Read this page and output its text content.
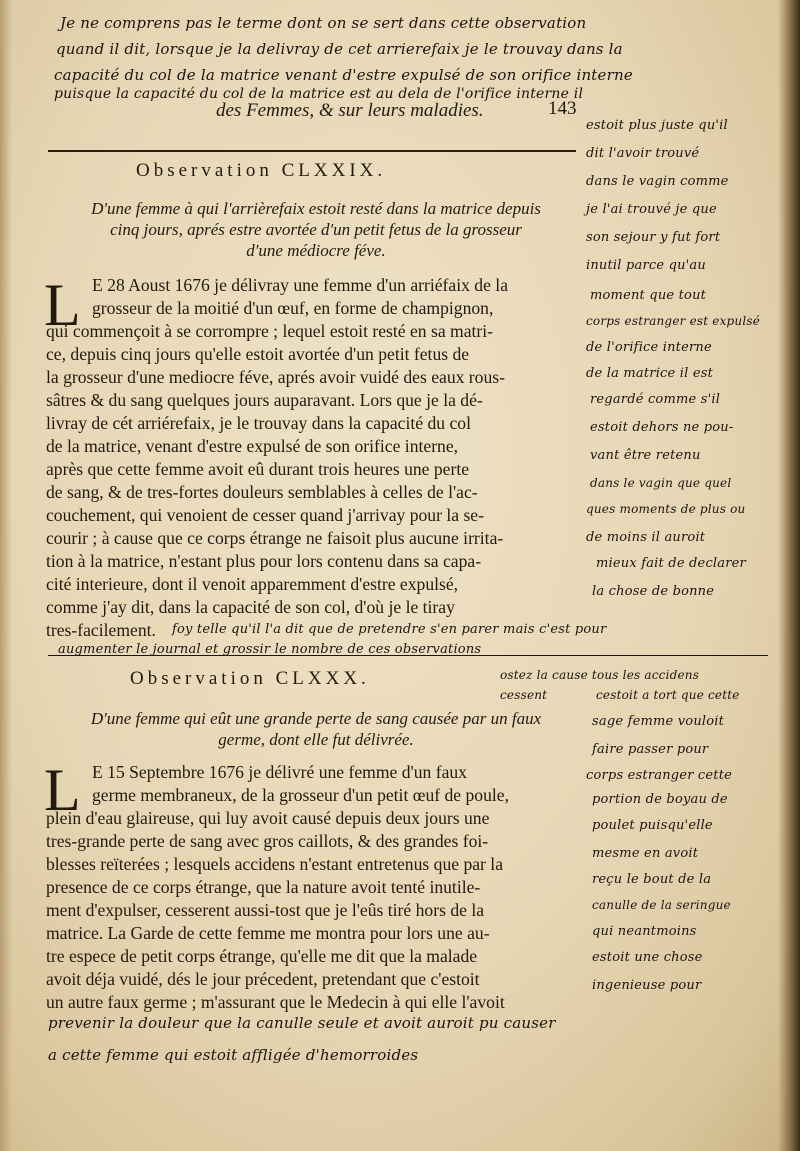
Je ne comprens pas le terme dont on se sert dans cette observation
quand il dit, lorsque je la delivray de cet arrierefaix je le trouvay dans la
capacité du col de la matrice venant d'estre expulsé de son orifice interne
puisque la capacité du col de la matrice est au dela de l'orifice interne il
des Femmes, & sur leurs maladies.	143
Observation CLXXIX.
D'une femme à qui l'arrièrefaix estoit resté dans la matrice depuis
cinq jours, aprés estre avortée d'un petit fetus de la grosseur
d'une médiocre féve.
L E 28 Aoust 1676 je délivray une femme d'un arriéfaix de la
grosseur de la moitié d'un œuf, en forme de champignon,
qui commençoit à se corrompre ; lequel estoit resté en sa matri-
ce, depuis cinq jours qu'elle estoit avortée d'un petit fetus de
la grosseur d'une mediocre féve, aprés avoir vuidé des eaux rous-
sâtres & du sang quelques jours auparavant. Lors que je la dé-
livray de cét arriérefaix, je le trouvay dans la capacité du col
de la matrice, venant d'estre expulsé de son orifice interne,
après que cette femme avoit eû durant trois heures une perte
de sang, & de tres-fortes douleurs semblables à celles de l'ac-
couchement, qui venoient de cesser quand j'arrivay pour la se-
courir ; à cause que ce corps étrange ne faisoit plus aucune irrita-
tion à la matrice, n'estant plus pour lors contenu dans sa capa-
cité interieure, dont il venoit apparemment d'estre expulsé,
comme j'ay dit, dans la capacité de son col, d'où je le tiray
tres-facilement. foy telle qu'il l'a dit que de pretendre s'en parer mais c'est pour
augmenter le journal et grossir le nombre de ces observations
Observation CLXXX.
D'une femme qui eût une grande perte de sang causée par un faux
germe, dont elle fut délivrée.
L E 15 Septembre 1676 je délivré une femme d'un faux
germe membraneux, de la grosseur d'un petit œuf de poule,
plein d'eau glaireuse, qui luy avoit causé depuis deux jours une
tres-grande perte de sang avec gros caillots, & des grandes foi-
blesses reïterées ; lesquels accidens n'estant entretenus que par la
presence de ce corps étrange, que la nature avoit tenté inutile-
ment d'expulser, cesserent aussi-tost que je l'eûs tiré hors de la
matrice. La Garde de cette femme me montra pour lors une au-
tre espece de petit corps étrange, qu'elle me dit que la malade
avoit déja vuidé, dés le jour précedent, pretendant que c'estoit
un autre faux germe ; m'assurant que le Medecin à qui elle l'avoit
estoit plus juste qu'il
dit l'avoir trouvé
dans le vagin comme
je l'ai trouvé je que
son sejour y fut fort
inutil parce qu'au
moment que tout
corps estranger est expulsé
de l'orifice interne
de la matrice il est
regardé comme s'il
estoit dehors ne pou-
vant être retenu
dans le vagin que quel
ques moments de plus ou
de moins il auroit
mieux fait de declarer
la chose de bonne
ostez la cause tous les accidens
cessent	cestoit a tort que cette
sage femme vouloit
faire passer pour
corps estranger cette
portion de boyau de
poulet puisqu'elle
mesme en avoit
reçu le bout de la
canulle de la seringue
qui neantmoins
estoit une chose
ingenieuse pour
prevenir la douleur que la canulle seule et avoit auroit pu causer
a cette femme qui estoit affligée d'hemorroides
